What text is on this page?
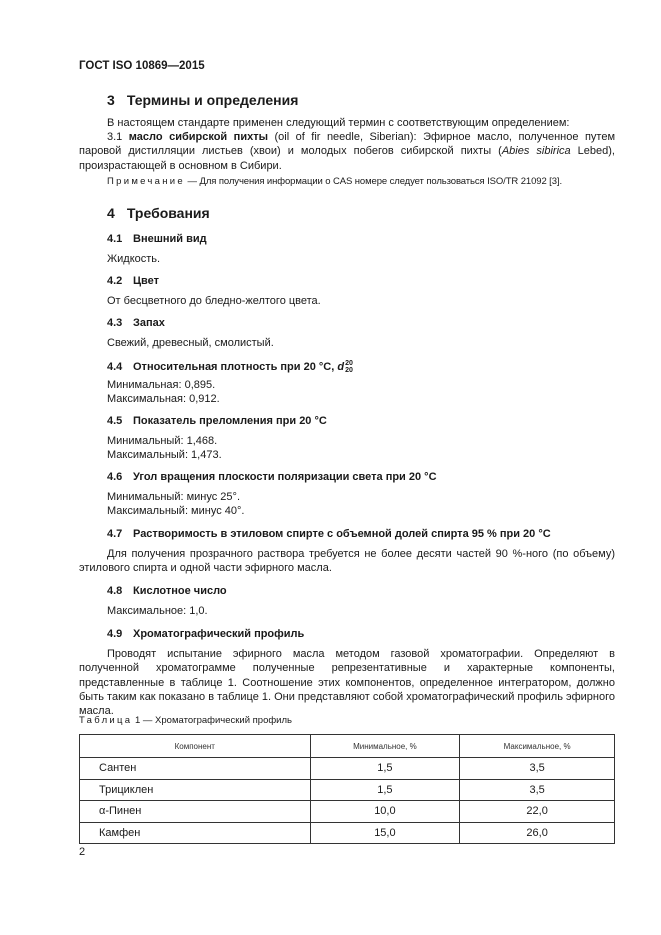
ГОСТ ISO 10869—2015
3 Термины и определения
В настоящем стандарте применен следующий термин с соответствующим определением:
3.1 масло сибирской пихты (oil of fir needle, Siberian): Эфирное масло, полученное путем паровой дистилляции листьев (хвои) и молодых побегов сибирской пихты (Abies sibirica Lebed), произрастающей в основном в Сибири.
Примечание — Для получения информации о CAS номере следует пользоваться ISO/TR 21092 [3].
4 Требования
4.1 Внешний вид
Жидкость.
4.2 Цвет
От бесцветного до бледно-желтого цвета.
4.3 Запах
Свежий, древесный, смолистый.
4.4 Относительная плотность при 20 °С, d20
20
Минимальная: 0,895.
Максимальная: 0,912.
4.5 Показатель преломления при 20 °С
Минимальный: 1,468.
Максимальный: 1,473.
4.6 Угол вращения плоскости поляризации света при 20 °С
Минимальный: минус 25°.
Максимальный: минус 40°.
4.7 Растворимость в этиловом спирте с объемной долей спирта 95 % при 20 °С
Для получения прозрачного раствора требуется не более десяти частей 90 %-ного (по объему) этилового спирта и одной части эфирного масла.
4.8 Кислотное число
Максимальное: 1,0.
4.9 Хроматографический профиль
Проводят испытание эфирного масла методом газовой хроматографии. Определяют в полученной хроматограмме полученные репрезентативные и характерные компоненты, представленные в таблице 1. Соотношение этих компонентов, определенное интегратором, должно быть таким как показано в таблице 1. Они представляют собой хроматографический профиль эфирного масла.
Таблица 1 — Хроматографический профиль
Компонент	Минимальное, %	Максимальное, %
Сантен	1,5	3,5
Трициклен	1,5	3,5
α-Пинен	10,0	22,0
Камфен	15,0	26,0
2
